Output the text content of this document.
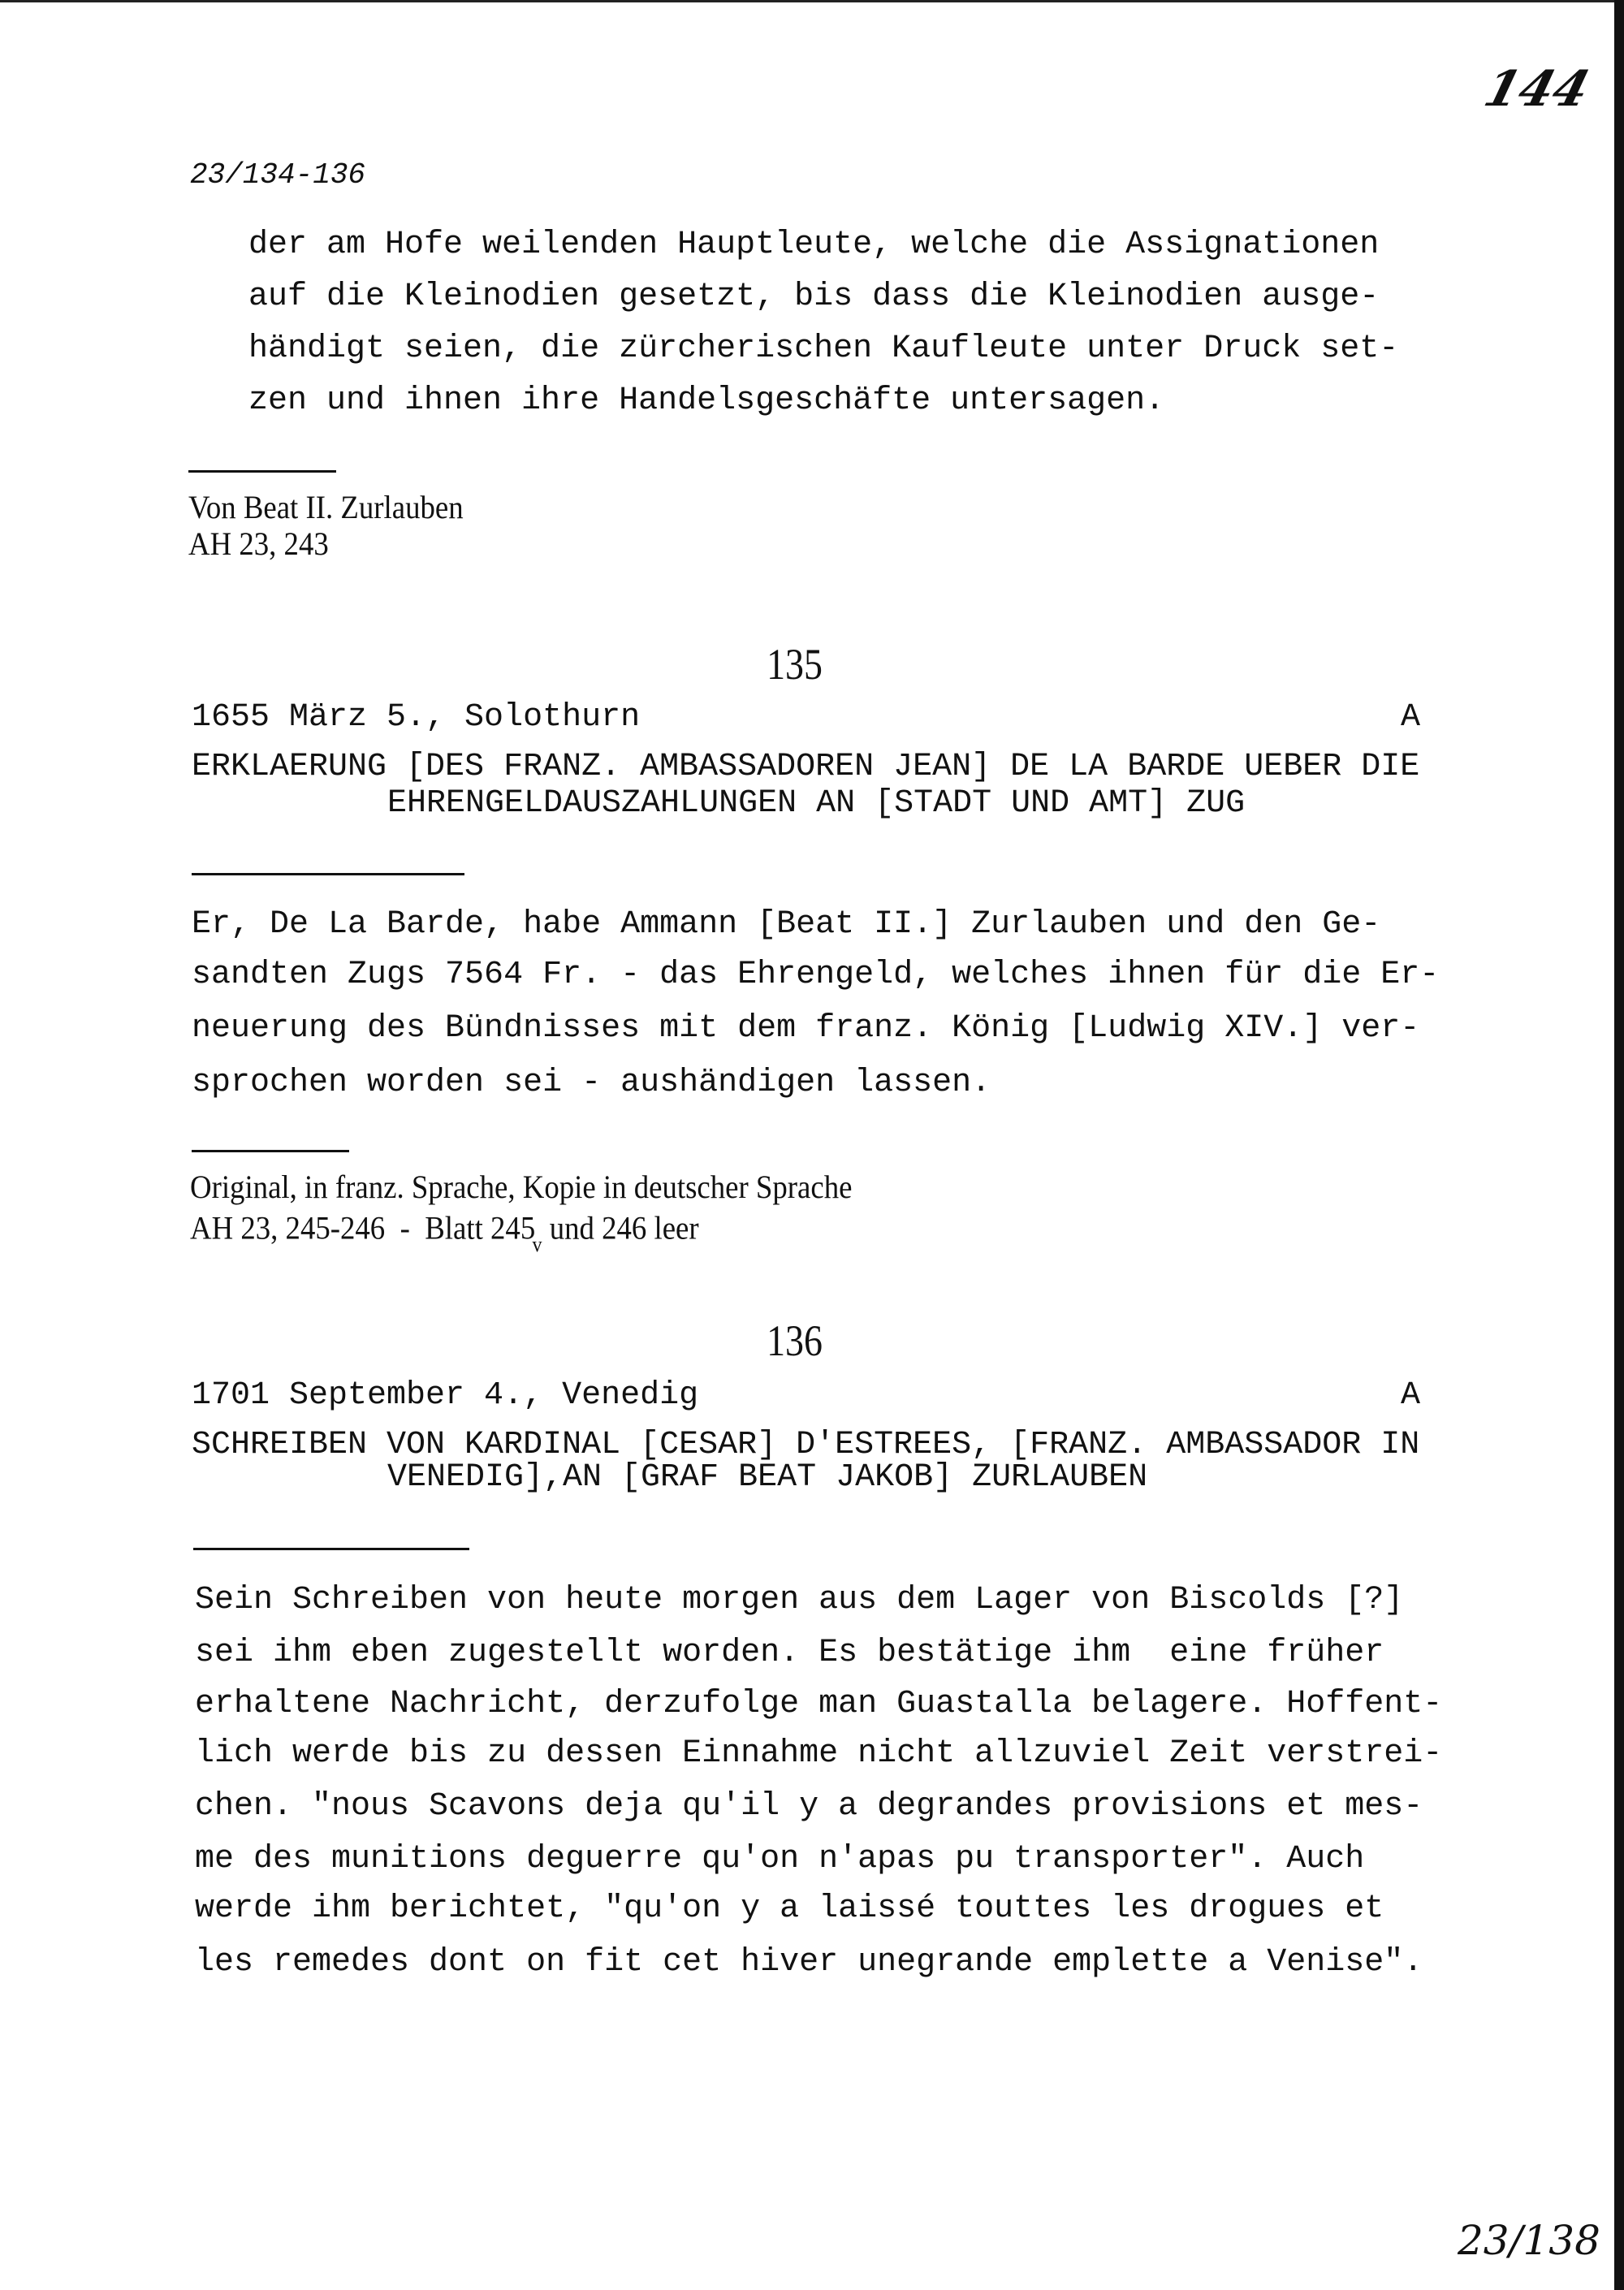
144
23/134-136
der am Hofe weilenden Hauptleute, welche die Assignationen
auf die Kleinodien gesetzt, bis dass die Kleinodien ausge-
händigt seien, die zürcherischen Kaufleute unter Druck set-
zen und ihnen ihre Handelsgeschäfte untersagen.
Von Beat II. Zurlauben
AH 23, 243
135
1655 März 5., Solothurn	A
ERKLAERUNG [DES FRANZ. AMBASSADOREN JEAN] DE LA BARDE UEBER DIE
EHRENGELDAUSZAHLUNGEN AN [STADT UND AMT] ZUG
Er, De La Barde, habe Ammann [Beat II.] Zurlauben und den Ge-
sandten Zugs 7564 Fr. - das Ehrengeld, welches ihnen für die Er-
neuerung des Bündnisses mit dem franz. König [Ludwig XIV.] ver-
sprochen worden sei - aushändigen lassen.
Original, in franz. Sprache, Kopie in deutscher Sprache
AH 23, 245-246  -  Blatt 245$^v$ und 246 leer
136
1701 September 4., Venedig	A
SCHREIBEN VON KARDINAL [CESAR] D'ESTREES, [FRANZ. AMBASSADOR IN
VENEDIG],AN [GRAF BEAT JAKOB] ZURLAUBEN
Sein Schreiben von heute morgen aus dem Lager von Biscolds [?]
sei ihm eben zugestellt worden. Es bestätige ihm  eine früher
erhaltene Nachricht, derzufolge man Guastalla belagere. Hoffent-
lich werde bis zu dessen Einnahme nicht allzuviel Zeit verstrei-
chen. "nous Scavons deja qu'il y a degrandes provisions et mes-
me des munitions deguerre qu'on n'apas pu transporter". Auch
werde ihm berichtet, "qu'on y a laissé touttes les drogues et
les remedes dont on fit cet hiver unegrande emplette a Venise".
23/138
